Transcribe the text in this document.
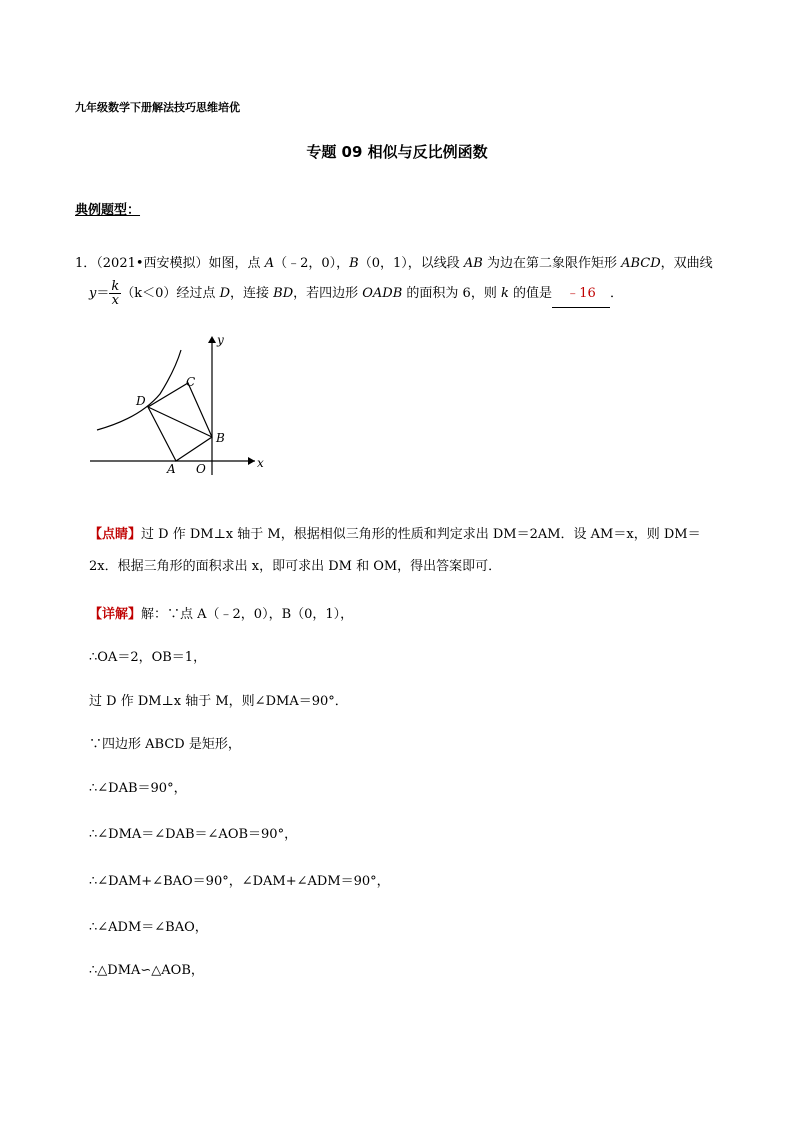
九年级数学下册解法技巧思维培优
专题 09 相似与反比例函数
典例题型：
1．（2021•西安模拟）如图，点 A（﹣2，0），B（0，1），以线段 AB 为边在第二象限作矩形 ABCD，双曲线
$y= \frac{k}{x} (k<0)$经过点 D，连接 BD，若四边形 OADB 的面积为 6，则 k 的值是 ﹣16 ．
y
x
C
D
B
A O
【点睛】过 D 作 DM⊥x 轴于 M，根据相似三角形的性质和判定求出 DM＝2AM．设 AM＝x，则 DM＝
2x．根据三角形的面积求出 x，即可求出 DM 和 OM，得出答案即可．
【详解】解：∵点 A（﹣2，0），B（0，1），
∴OA＝2，OB＝1，
过 D 作 DM⊥x 轴于 M，则∠DMA＝90°．
∵四边形 ABCD 是矩形，
∴∠DAB＝90°，
∴∠DMA＝∠DAB＝∠AOB＝90°，
∴∠DAM+∠BAO＝90°，∠DAM+∠ADM＝90°，
∴∠ADM＝∠BAO，
∴△DMA∽△AOB，
